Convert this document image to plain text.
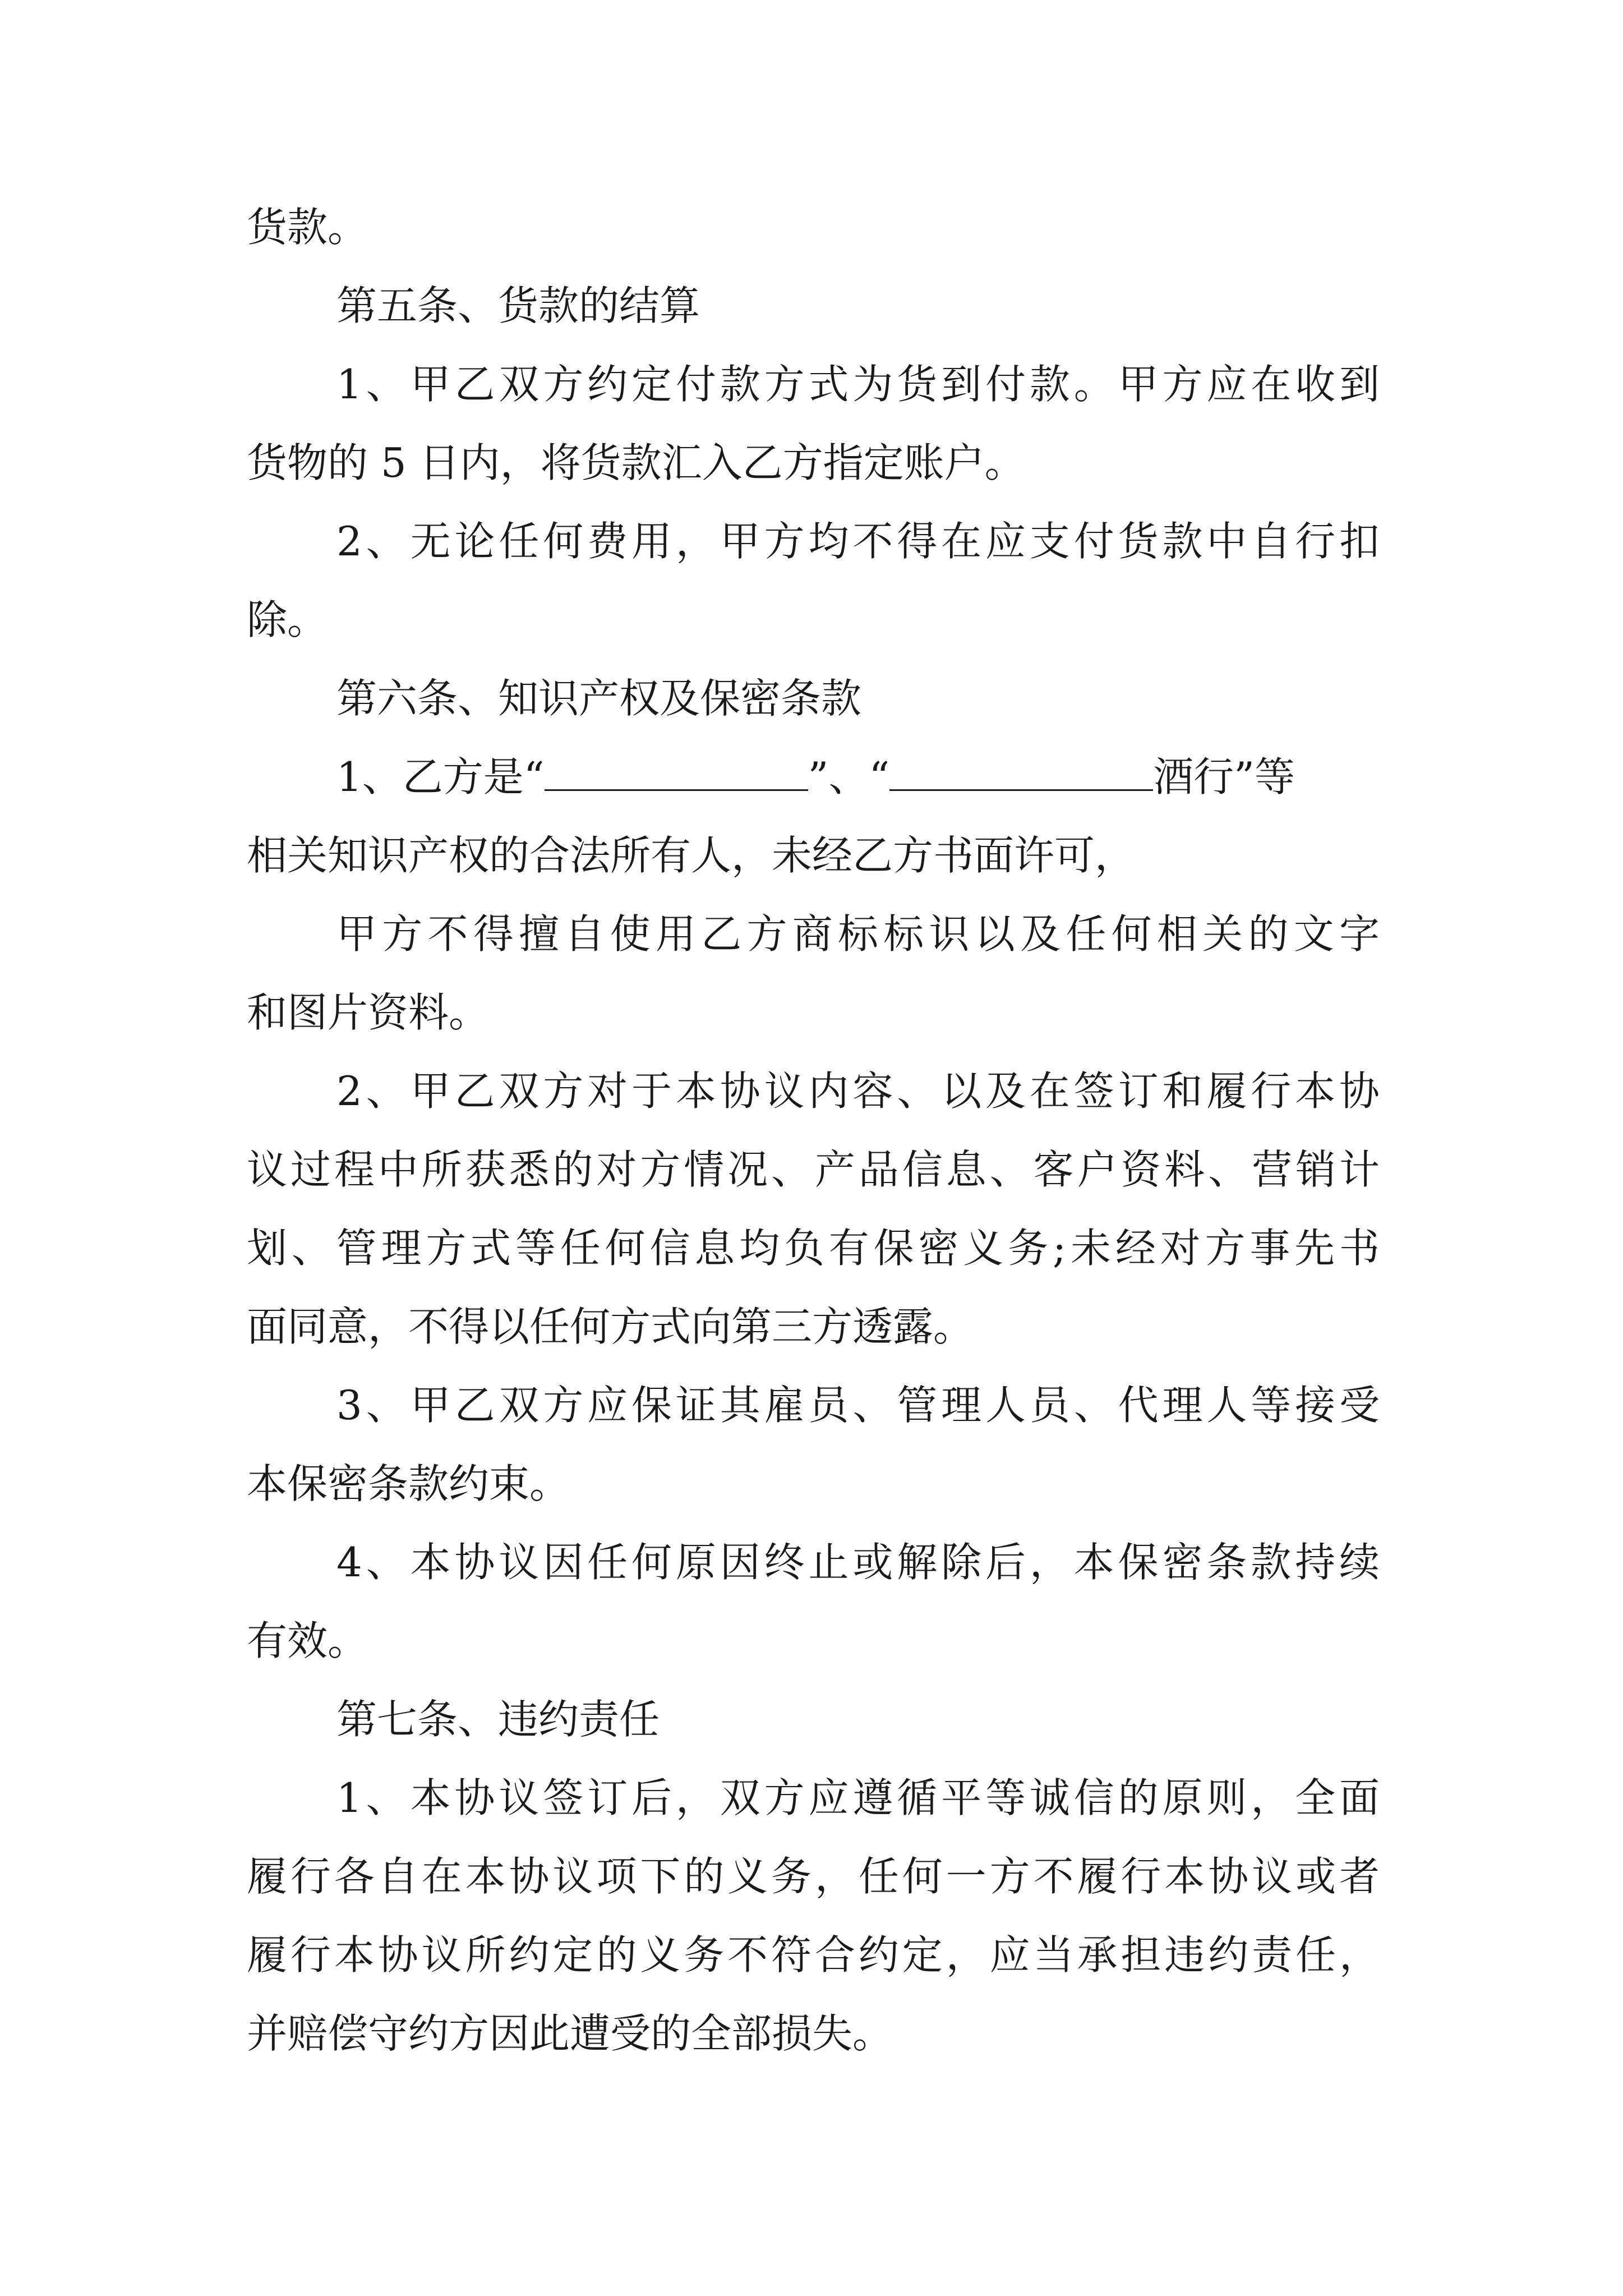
货款。
第五条、货款的结算
1、甲乙双方约定付款方式为货到付款。甲方应在收到
货物的 5 日内，将货款汇入乙方指定账户。
2、无论任何费用，甲方均不得在应支付货款中自行扣
除。
第六条、知识产权及保密条款
1、乙方是“	”、“	酒行”等
相关知识产权的合法所有人，未经乙方书面许可，
甲方不得擅自使用乙方商标标识以及任何相关的文字
和图片资料。
2、甲乙双方对于本协议内容、以及在签订和履行本协
议过程中所获悉的对方情况、产品信息、客户资料、营销计
划、管理方式等任何信息均负有保密义务;未经对方事先书
面同意，不得以任何方式向第三方透露。
3、甲乙双方应保证其雇员、管理人员、代理人等接受
本保密条款约束。
4、本协议因任何原因终止或解除后，本保密条款持续
有效。
第七条、违约责任
1、本协议签订后，双方应遵循平等诚信的原则，全面
履行各自在本协议项下的义务，任何一方不履行本协议或者
履行本协议所约定的义务不符合约定，应当承担违约责任，
并赔偿守约方因此遭受的全部损失。
